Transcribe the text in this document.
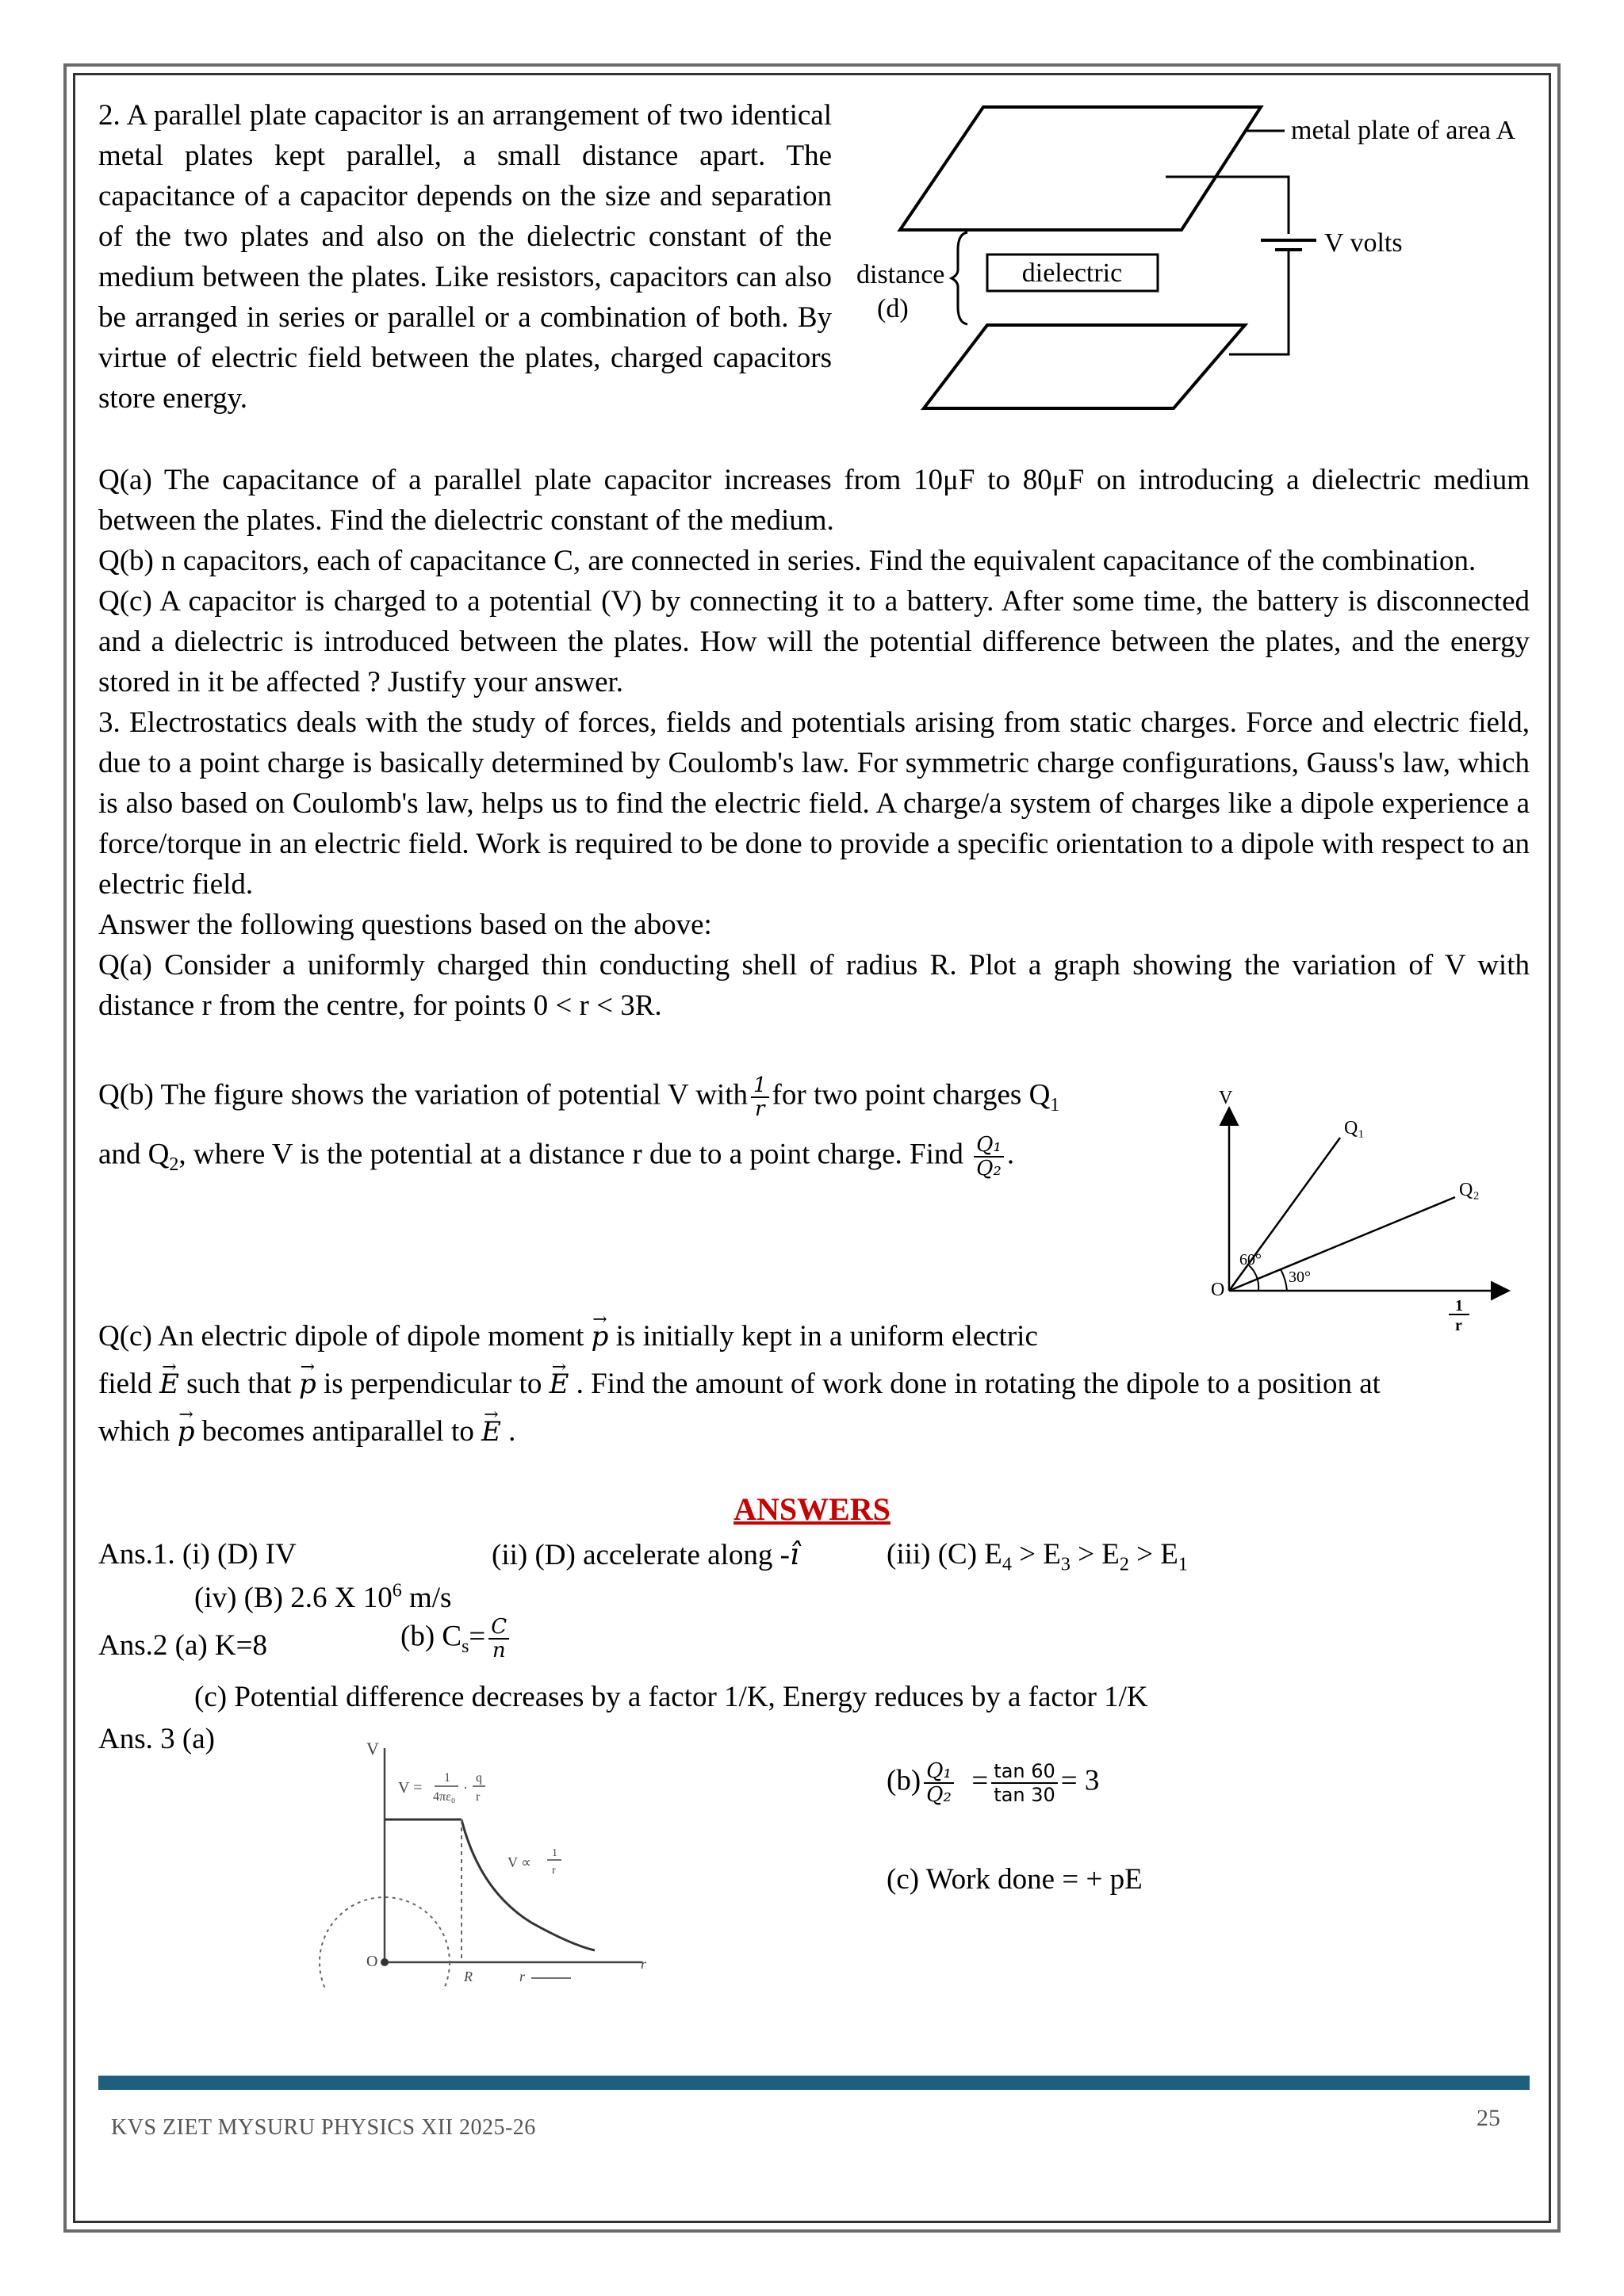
2. A parallel plate capacitor is an arrangement of two identical metal plates kept parallel, a small distance apart. The capacitance of a capacitor depends on the size and separation of the two plates and also on the dielectric constant of the medium between the plates. Like resistors, capacitors can also be arranged in series or parallel or a combination of both. By virtue of electric field between the plates, charged capacitors store energy.

dielectric
distance
(d)
metal plate of area A
V volts

Q(a) The capacitance of a parallel plate capacitor increases from 10μF to 80μF on introducing a dielectric medium between the plates. Find the dielectric constant of the medium.

Q(b) n capacitors, each of capacitance C, are connected in series. Find the equivalent capacitance of the combination.

Q(c) A capacitor is charged to a potential (V) by connecting it to a battery. After some time, the battery is disconnected and a dielectric is introduced between the plates. How will the potential difference between the plates, and the energy stored in it be affected ? Justify your answer.

3. Electrostatics deals with the study of forces, fields and potentials arising from static charges. Force and electric field, due to a point charge is basically determined by Coulomb's law. For symmetric charge configurations, Gauss's law, which is also based on Coulomb's law, helps us to find the electric field. A charge/a system of charges like a dipole experience a force/torque in an electric field. Work is required to be done to provide a specific orientation to a dipole with respect to an electric field.

Answer the following questions based on the above:

Q(a) Consider a uniformly charged thin conducting shell of radius R. Plot a graph showing the variation of V with distance r from the centre, for points 0 < r < 3R.

Q(b) The figure shows the variation of potential V with $\frac{1}{r}$ for two point charges $Q_1$
and $Q_2$, where V is the potential at a distance r due to a point charge. Find $\frac{\text{Q₁}}{\text{Q₂}}$ .
V
Q₁
Q₂
60°
30°
O
1
r
Q(c) An electric dipole of dipole moment → p is initially kept in a uniform electric
field → E such that → p is perpendicular to → E . Find the amount of work done in rotating the dipole to a position at
which → p becomes antiparallel to → E .
ANSWERS
Ans.1. (i) (D) IV	(ii) (D) accelerate along -ı̂	(iii) (C) $E_4 > E_3 > E_2 > E_1$
(iv) (B) 2.6 X $10^6$ m/s
Ans.2 (a) K=8	(b) $C_s= \frac{C}{n}$
(c) Potential difference decreases by a factor 1/K, Energy reduces by a factor 1/K
Ans. 3 (a)	V
V =
1
4πε₀
·
q
r
V ∝
1
r
O
R
r
r
$(b) \frac{\text{Q₁}}{\text{Q₂}} = \frac{\tan 60}{\tan 30} = 3$
(c) Work done = + pE
KVS ZIET MYSURU PHYSICS XII 2025-26	25
